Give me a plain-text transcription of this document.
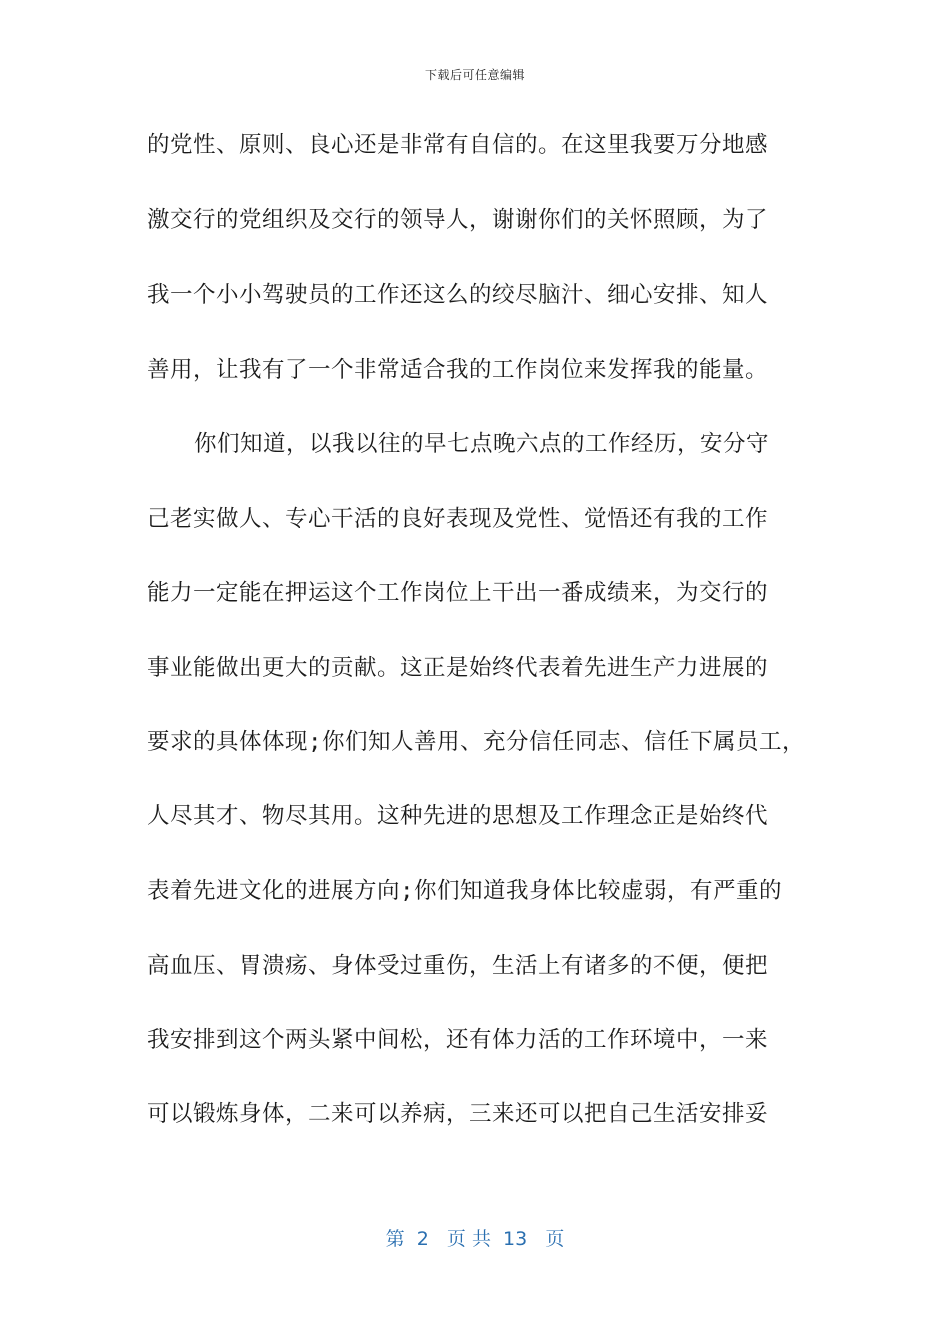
下载后可任意编辑
的党性、原则、良心还是非常有自信的。在这里我要万分地感
激交行的党组织及交行的领导人，谢谢你们的关怀照顾，为了
我一个小小驾驶员的工作还这么的绞尽脑汁、细心安排、知人
善用，让我有了一个非常适合我的工作岗位来发挥我的能量。
你们知道，以我以往的早七点晚六点的工作经历，安分守
己老实做人、专心干活的良好表现及党性、觉悟还有我的工作
能力一定能在押运这个工作岗位上干出一番成绩来，为交行的
事业能做出更大的贡献。这正是始终代表着先进生产力进展的
要求的具体体现;你们知人善用、充分信任同志、信任下属员工，
人尽其才、物尽其用。这种先进的思想及工作理念正是始终代
表着先进文化的进展方向;你们知道我身体比较虚弱，有严重的
高血压、胃溃疡、身体受过重伤，生活上有诸多的不便，便把
我安排到这个两头紧中间松，还有体力活的工作环境中，一来
可以锻炼身体，二来可以养病，三来还可以把自己生活安排妥
第  2   页 共  13   页
